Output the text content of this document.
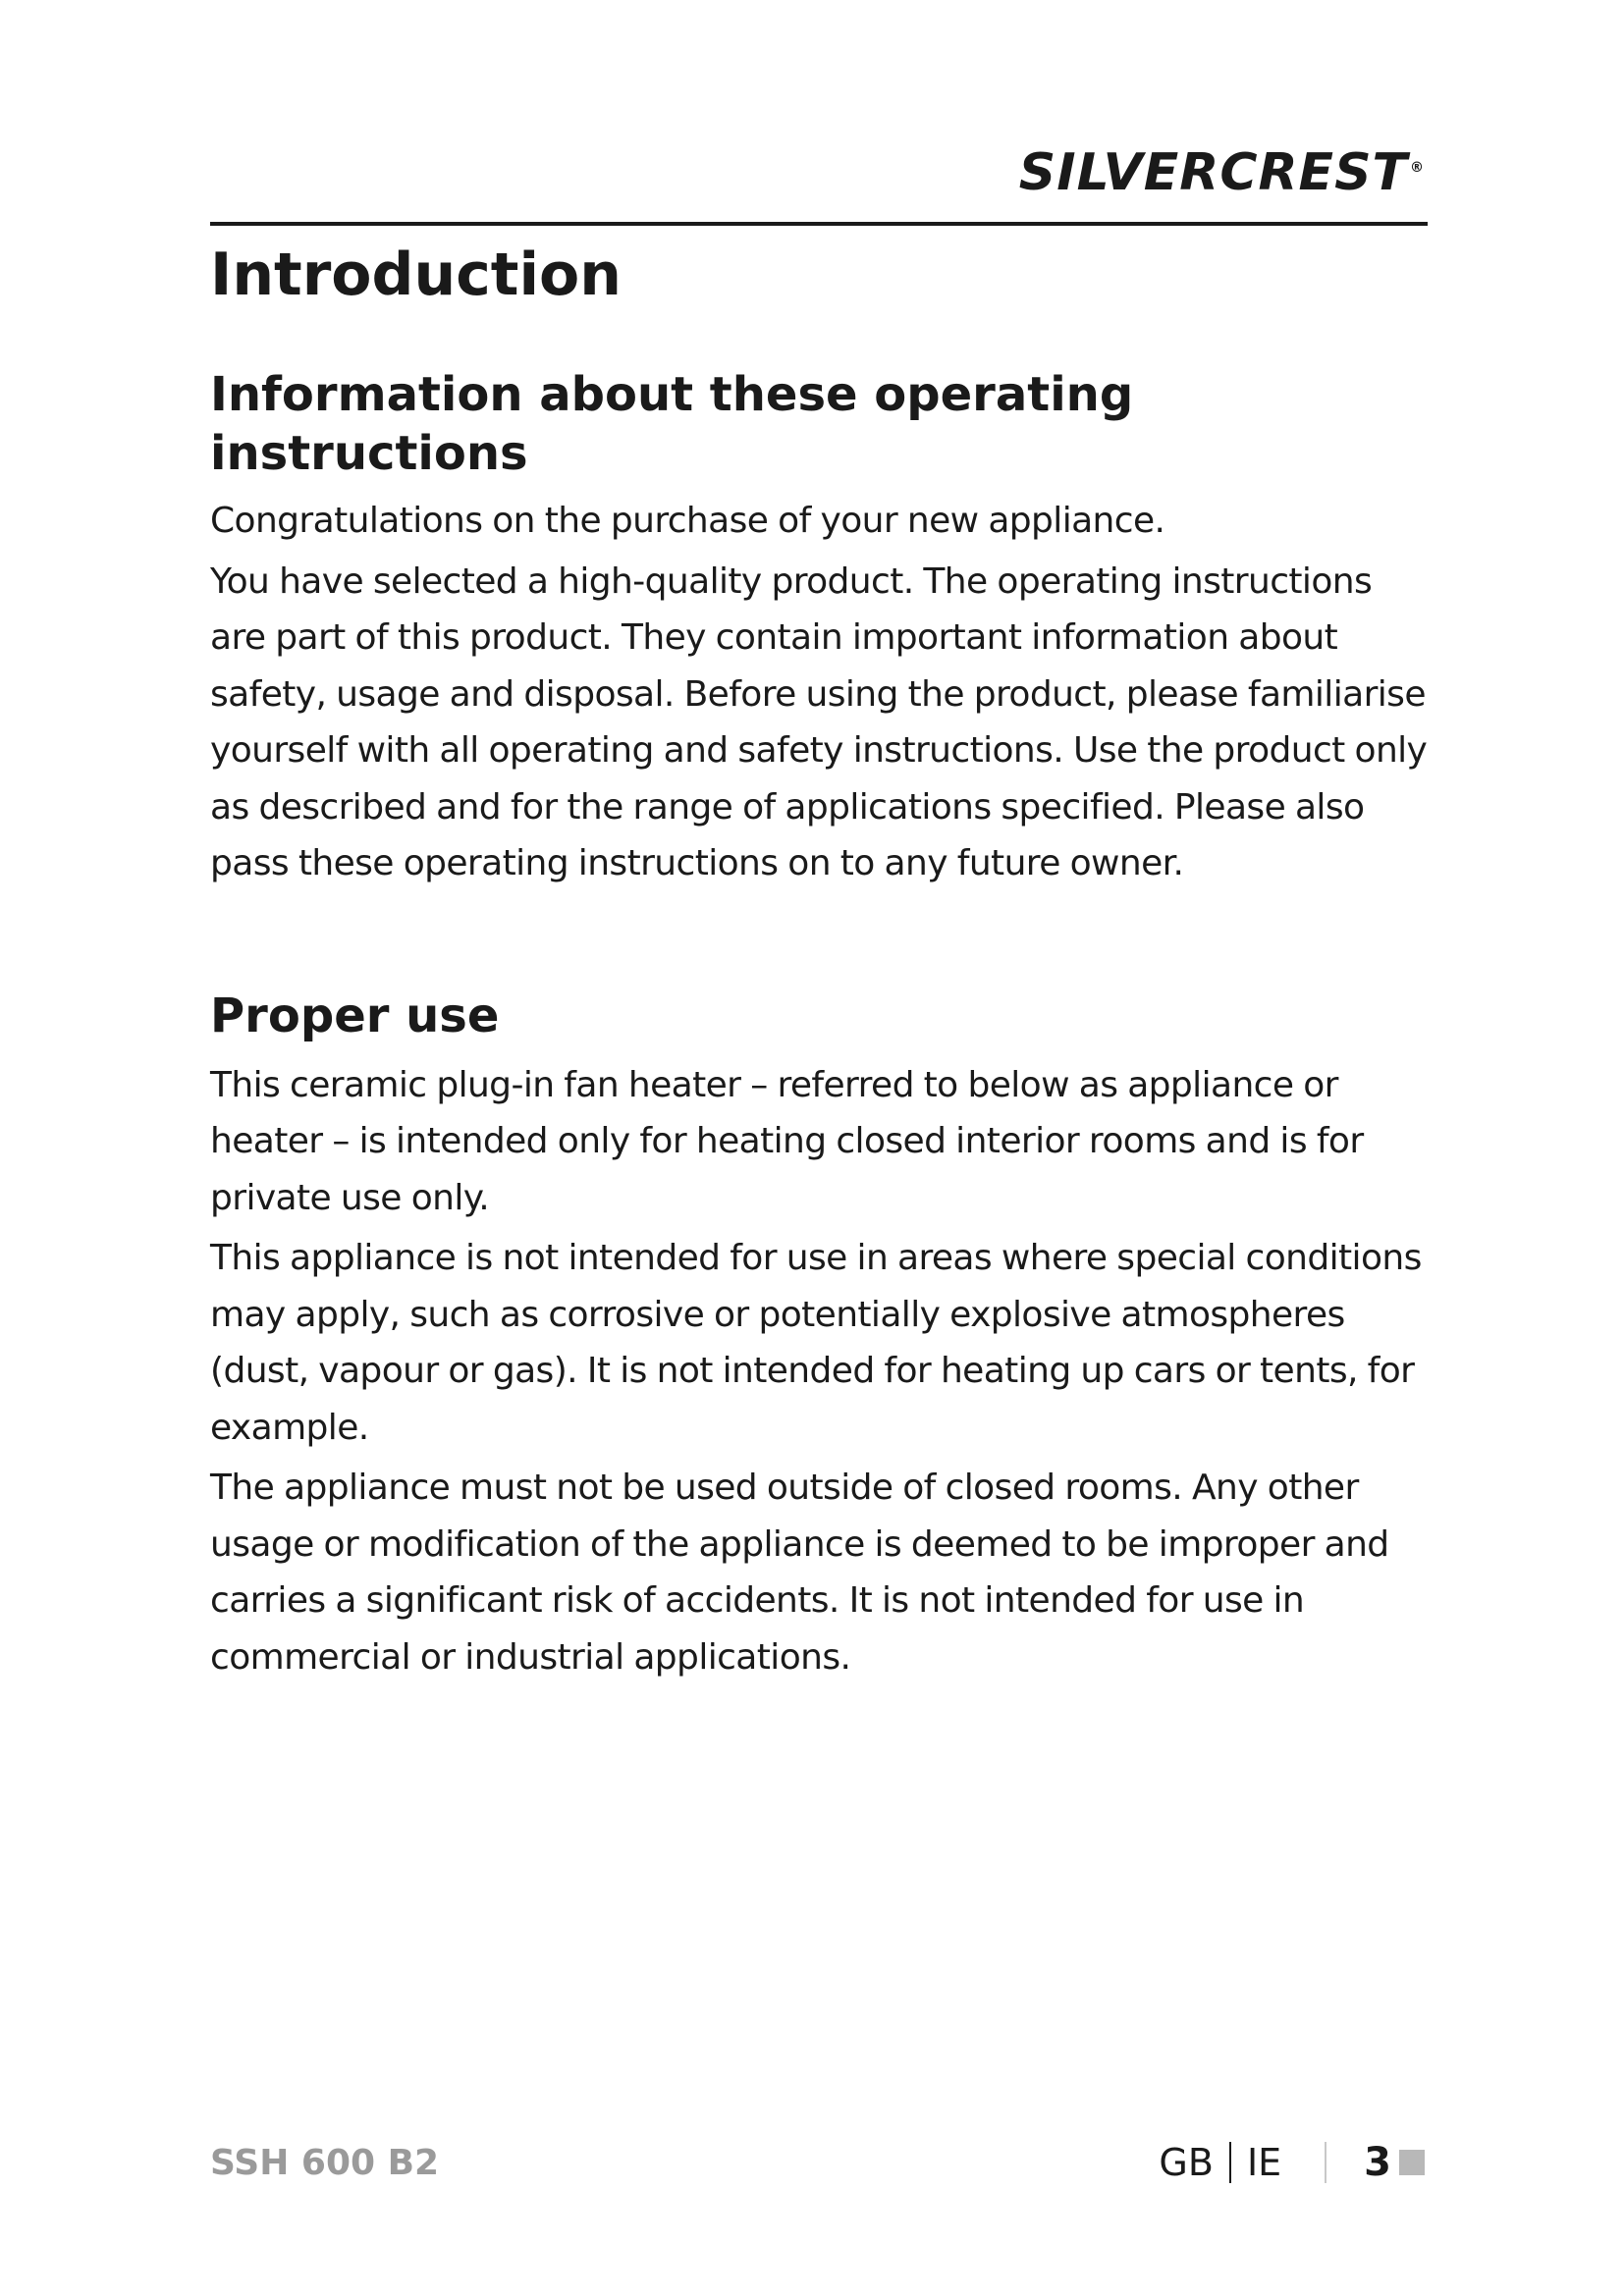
SILVERCREST ®
Introduction
Information about these operating instructions

Congratulations on the purchase of your new appliance.

You have selected a high-quality product. The operating instructions are part of this product. They contain important information about safety, usage and disposal. Before using the product, please familiarise yourself with all operating and safety instructions. Use the product only as described and for the range of applications specified. Please also pass these operating instructions on to any future owner.

Proper use

This ceramic plug-in fan heater – referred to below as appliance or heater – is intended only for heating closed interior rooms and is for private use only.

This appliance is not intended for use in areas where special conditions may apply, such as corrosive or potentially explosive atmospheres (dust, vapour or gas). It is not intended for heating up cars or tents, for example.

The appliance must not be used outside of closed rooms. Any other usage or modification of the appliance is deemed to be improper and carries a significant risk of accidents. It is not intended for use in commercial or industrial applications.

SSH 600 B2	GB IE 3
